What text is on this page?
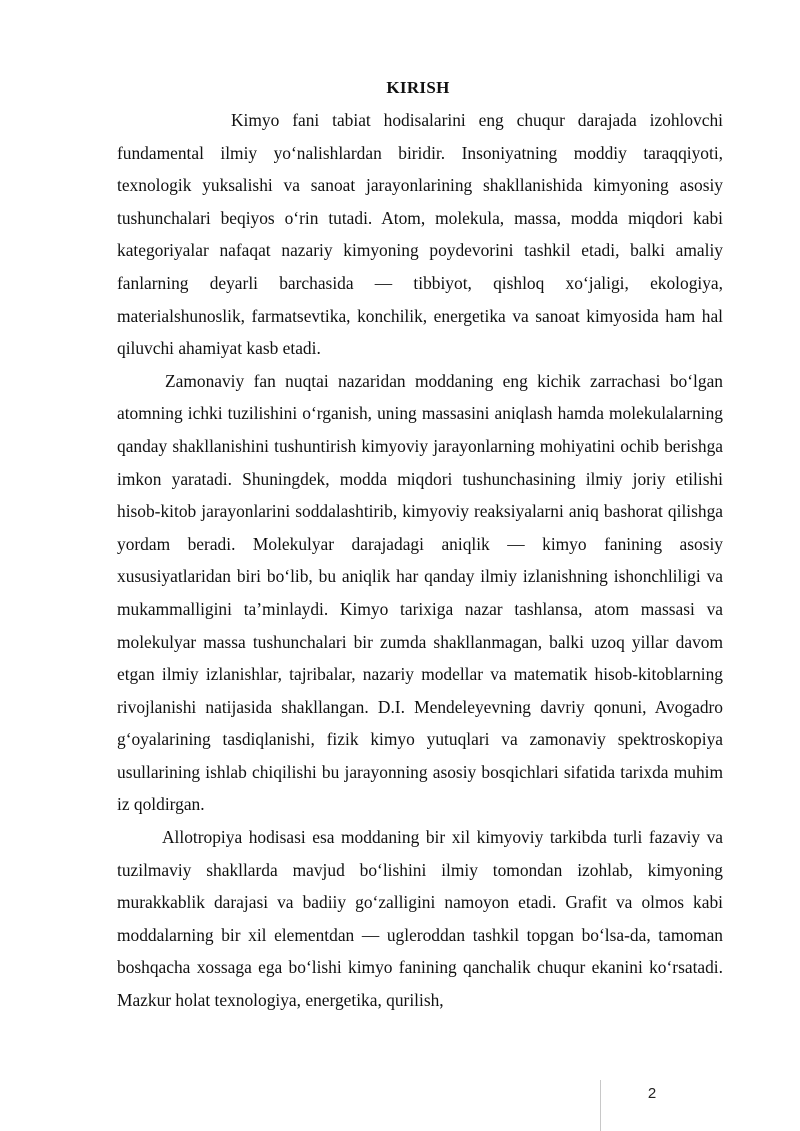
KIRISH

Kimyo fani tabiat hodisalarini eng chuqur darajada izohlovchi fundamental ilmiy yo‘nalishlardan biridir. Insoniyatning moddiy taraqqiyoti, texnologik yuksalishi va sanoat jarayonlarining shakllanishida kimyoning asosiy tushunchalari beqiyos o‘rin tutadi. Atom, molekula, massa, modda miqdori kabi kategoriyalar nafaqat nazariy kimyoning poydevorini tashkil etadi, balki amaliy fanlarning deyarli barchasida — tibbiyot, qishloq xo‘jaligi, ekologiya, materialshunoslik, farmatsevtika, konchilik, energetika va sanoat kimyosida ham hal qiluvchi ahamiyat kasb etadi.

Zamonaviy fan nuqtai nazaridan moddaning eng kichik zarrachasi bo‘lgan atomning ichki tuzilishini o‘rganish, uning massasini aniqlash hamda molekulalarning qanday shakllanishini tushuntirish kimyoviy jarayonlarning mohiyatini ochib berishga imkon yaratadi. Shuningdek, modda miqdori tushunchasining ilmiy joriy etilishi hisob-kitob jarayonlarini soddalashtirib, kimyoviy reaksiyalarni aniq bashorat qilishga yordam beradi. Molekulyar darajadagi aniqlik — kimyo fanining asosiy xususiyatlaridan biri bo‘lib, bu aniqlik har qanday ilmiy izlanishning ishonchliligi va mukammalligini ta’minlaydi. Kimyo tarixiga nazar tashlansa, atom massasi va molekulyar massa tushunchalari bir zumda shakllanmagan, balki uzoq yillar davom etgan ilmiy izlanishlar, tajribalar, nazariy modellar va matematik hisob-kitoblarning rivojlanishi natijasida shakllangan. D.I. Mendeleyevning davriy qonuni, Avogadro g‘oyalarining tasdiqlanishi, fizik kimyo yutuqlari va zamonaviy spektroskopiya usullarining ishlab chiqilishi bu jarayonning asosiy bosqichlari sifatida tarixda muhim iz qoldirgan.

Allotropiya hodisasi esa moddaning bir xil kimyoviy tarkibda turli fazaviy va tuzilmaviy shakllarda mavjud bo‘lishini ilmiy tomondan izohlab, kimyoning murakkablik darajasi va badiiy go‘zalligini namoyon etadi. Grafit va olmos kabi moddalarning bir xil elementdan — ugleroddan tashkil topgan bo‘lsa-da, tamoman boshqacha xossaga ega bo‘lishi kimyo fanining qanchalik chuqur ekanini ko‘rsatadi. Mazkur holat texnologiya, energetika, qurilish,

2
